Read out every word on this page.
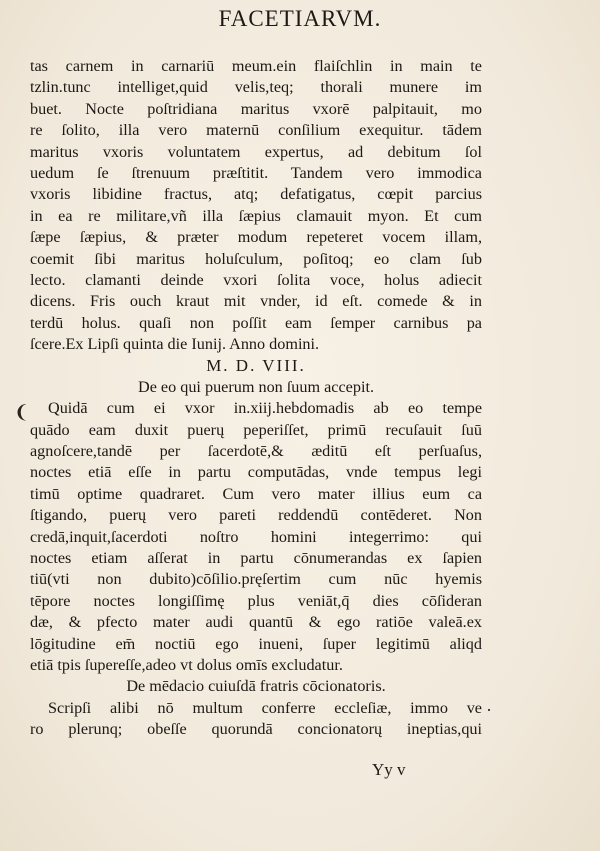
FACETIARVM.
tas carnem in carnariū meum.ein flaiſchlin in main te
tzlin.tunc intelliget,quid velis,teq; thorali munere im
buet. Nocte poſtridiana maritus vxorē palpitauit, mo
re ſolito, illa vero maternū conſilium exequitur. tādem
maritus vxoris voluntatem expertus, ad debitum ſol
uedum ſe ſtrenuum præſtitit. Tandem vero immodica
vxoris libidine fractus, atq; defatigatus, cœpit parcius
in ea re militare,vñ illa ſæpius clamauit myon. Et cum
ſæpe ſæpius, & præter modum repeteret vocem illam,
coemit ſibi maritus holuſculum, poſitoq; eo clam ſub
lecto. clamanti deinde vxori ſolita voce, holus adiecit
dicens. Fris ouch kraut mit vnder, id eſt. comede & in
terdū holus. quaſi non poſſit eam ſemper carnibus pa
ſcere.Ex Lipſi quinta die Iunij. Anno domini.
M. D. VIII.
De eo qui puerum non ſuum accepit.
Quidā cum ei vxor in.xiij.hebdomadis ab eo tempe
quādo eam duxit puerų peperiſſet, primū recuſauit ſuū
agnoſcere,tandē per ſacerdotē,& æditū eſt perſuaſus,
noctes etiā eſſe in partu computādas, vnde tempus legi
timū optime quadraret. Cum vero mater illius eum ca
ſtigando, puerų vero pareti reddendū contēderet. Non
credā,inquit,ſacerdoti noſtro homini integerrimo: qui
noctes etiam aſſerat in partu cōnumerandas ex ſapien
tiū(vti non dubito)cōſilio.pręſertim cum nūc hyemis
tēpore noctes longiſſimę plus veniāt,q̄ dies cōſideran
dæ, & pfecto mater audi quantū & ego ratiōe valeā.ex
lōgitudine em̄ noctiū ego inueni, ſuper legitimū aliqd
etiā tpis ſupereſſe,adeo vt dolus omīs excludatur.
De mēdacio cuiuſdā fratris cōcionatoris.
Scripſi alibi nō multum conferre eccleſiæ, immo ve
ro plerunq; obeſſe quorundā concionatorų ineptias,qui
Yy v
❨
·
